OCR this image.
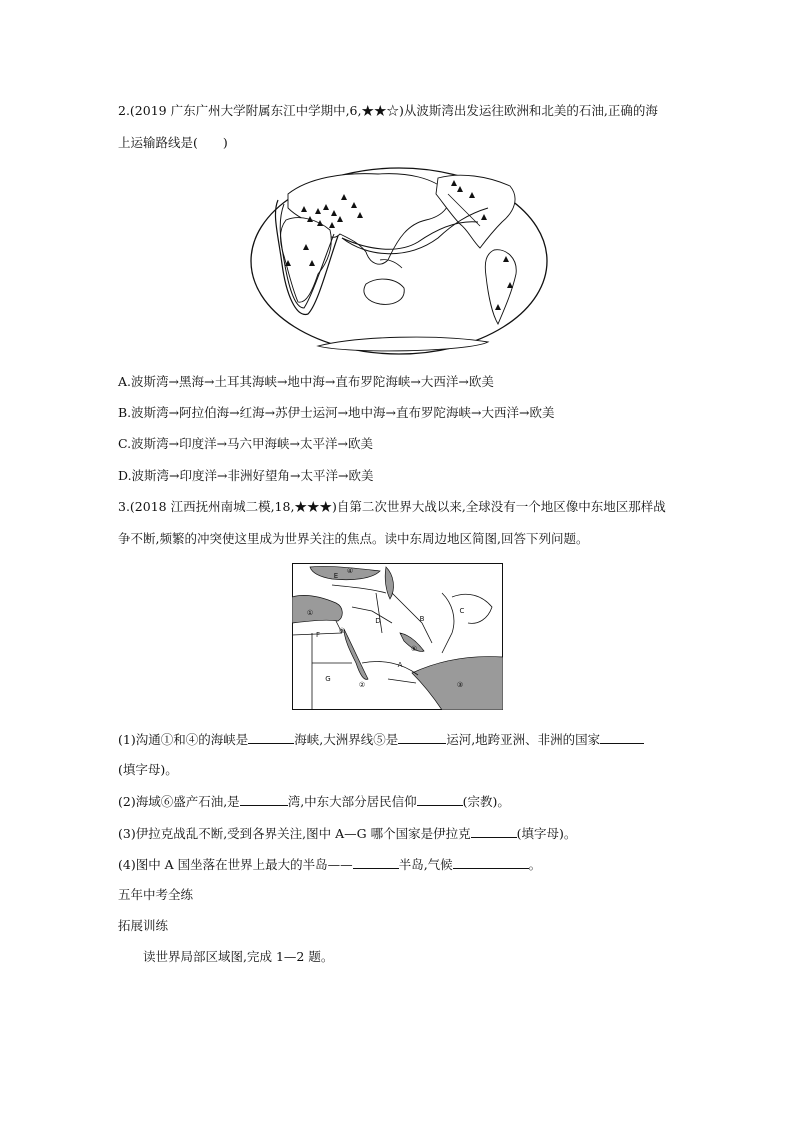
2.(2019 广东广州大学附属东江中学期中,6,★★☆)从波斯湾出发运往欧洲和北美的石油,正确的海
上运输路线是(　　)
A.波斯湾→黑海→土耳其海峡→地中海→直布罗陀海峡→大西洋→欧美
B.波斯湾→阿拉伯海→红海→苏伊士运河→地中海→直布罗陀海峡→大西洋→欧美
C.波斯湾→印度洋→马六甲海峡→太平洋→欧美
D.波斯湾→印度洋→非洲好望角→太平洋→欧美
3.(2018 江西抚州南城二模,18,★★★)自第二次世界大战以来,全球没有一个地区像中东地区那样战
争不断,频繁的冲突使这里成为世界关注的焦点。读中东周边地区简图,回答下列问题。
E
C
B
D
F
G
A
④
①
⑤
②
⑥
③
(1)沟通①和④的海峡是	海峡,大洲界线⑤是	运河,地跨亚洲、非洲的国家
(填字母)。
(2)海域⑥盛产石油,是	湾,中东大部分居民信仰	(宗教)。
(3)伊拉克战乱不断,受到各界关注,图中 A—G 哪个国家是伊拉克	(填字母)。
(4)图中 A 国坐落在世界上最大的半岛——	半岛,气候	。
五年中考全练
拓展训练
读世界局部区域图,完成 1—2 题。
